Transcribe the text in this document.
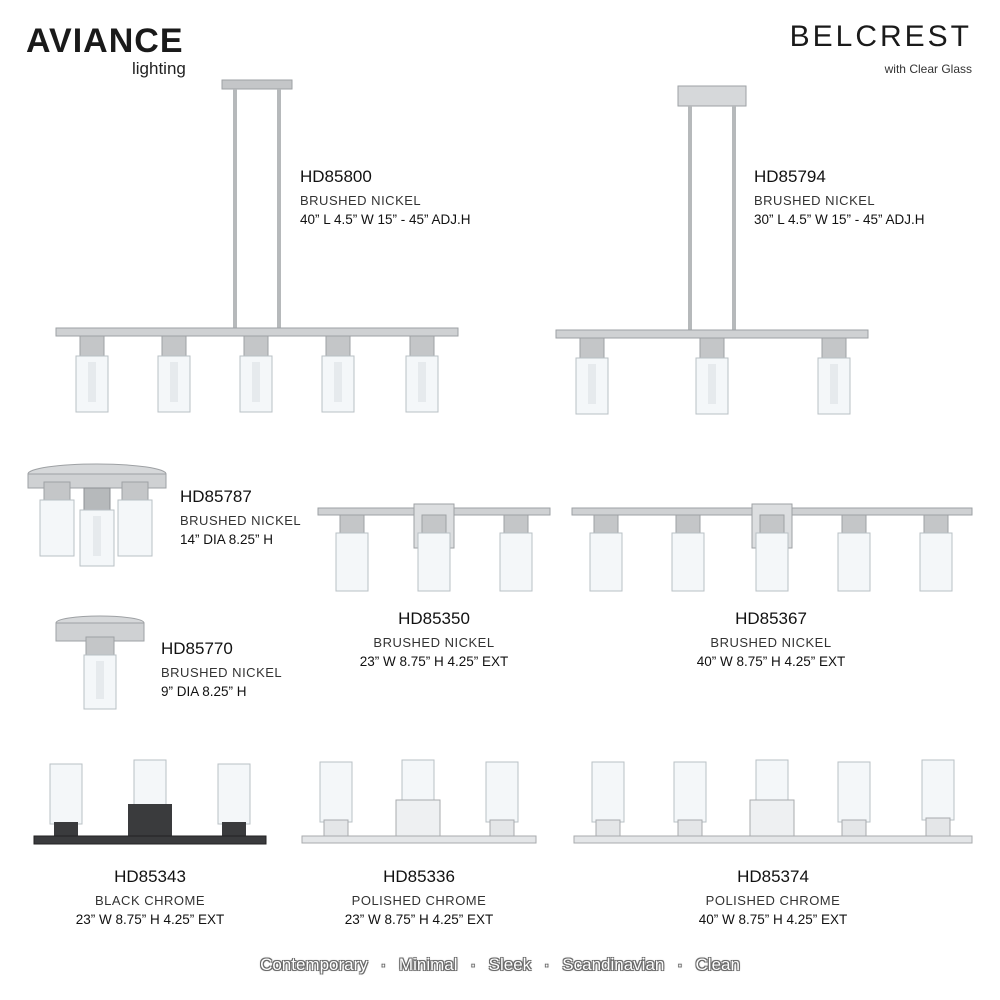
AVIANCE
lighting
BELCREST
with Clear Glass
HD85800
BRUSHED NICKEL
40” L 4.5” W 15” - 45” ADJ.H
HD85794
BRUSHED NICKEL
30” L 4.5” W 15” - 45” ADJ.H
HD85787
BRUSHED NICKEL
14” DIA 8.25” H
HD85770
BRUSHED NICKEL
9” DIA 8.25” H
HD85350
BRUSHED NICKEL
23” W 8.75” H 4.25” EXT
HD85367
BRUSHED NICKEL
40” W 8.75” H 4.25” EXT
HD85343
BLACK CHROME
23” W 8.75” H 4.25” EXT
HD85336
POLISHED CHROME
23” W 8.75” H 4.25” EXT
HD85374
POLISHED CHROME
40” W 8.75” H 4.25” EXT
Contemporary · Minimal · Sleek · Scandinavian · Clean
